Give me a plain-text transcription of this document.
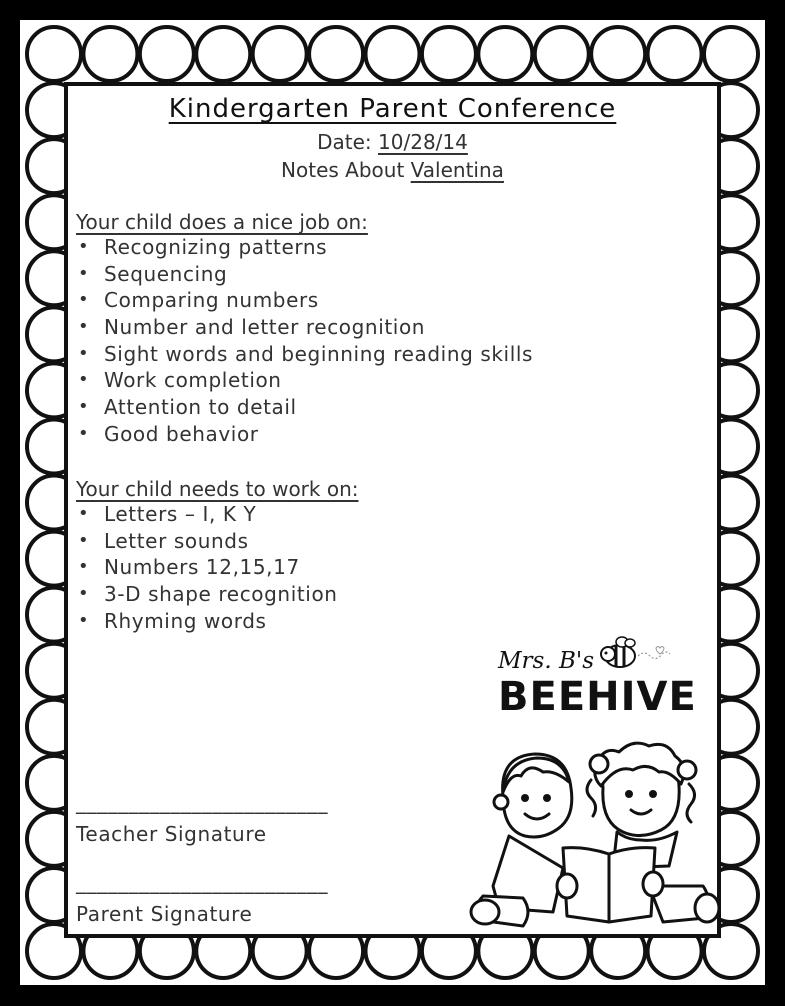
Kindergarten Parent Conference
Date: 10/28/14
Notes About Valentina

Your child does a nice job on:

• Recognizing patterns
• Sequencing
• Comparing numbers
• Number and letter recognition
• Sight words and beginning reading skills
• Work completion
• Attention to detail
• Good behavior

Your child needs to work on:

• Letters – I, K Y
• Letter sounds
• Numbers 12,15,17
• 3-D shape recognition
• Rhyming words
________________________
Teacher Signature
________________________
Parent Signature
Mrs. B's
BEEHIVE
